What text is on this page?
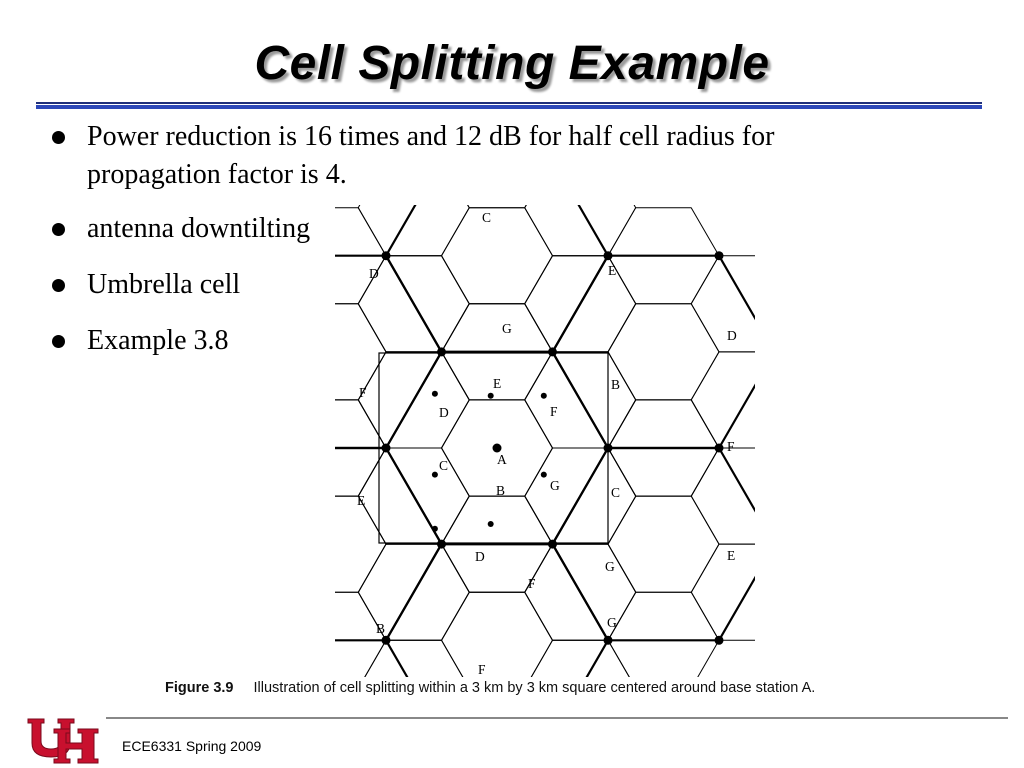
Cell Splitting Example
Power reduction is 16 times and 12 dB for half cell radius for
propagation factor is 4.
antenna downtilting
Umbrella cell
Example 3.8
C
E
D
G	D
F
E	B
D	F
A
C
F
B	G	C
E
D
F
G
E
B	G
F
Figure 3.9 Illustration of cell splitting within a 3 km by 3 km square centered around base station A.
ECE6331 Spring 2009
